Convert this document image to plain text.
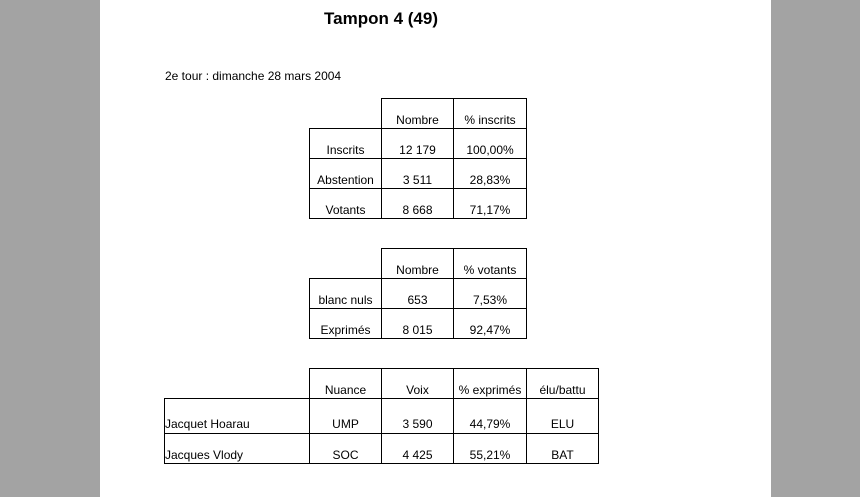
Tampon 4 (49)
2e tour : dimanche 28 mars 2004
	Nombre	% inscrits
Inscrits	12 179	100,00%
Abstention	3 511	28,83%
Votants	8 668	71,17%
	Nombre	% votants
blanc nuls	653	7,53%
Exprimés	8 015	92,47%
	Nuance	Voix	% exprimés	élu/battu
Jacquet Hoarau	UMP	3 590	44,79%	ELU
Jacques Vlody	SOC	4 425	55,21%	BAT
